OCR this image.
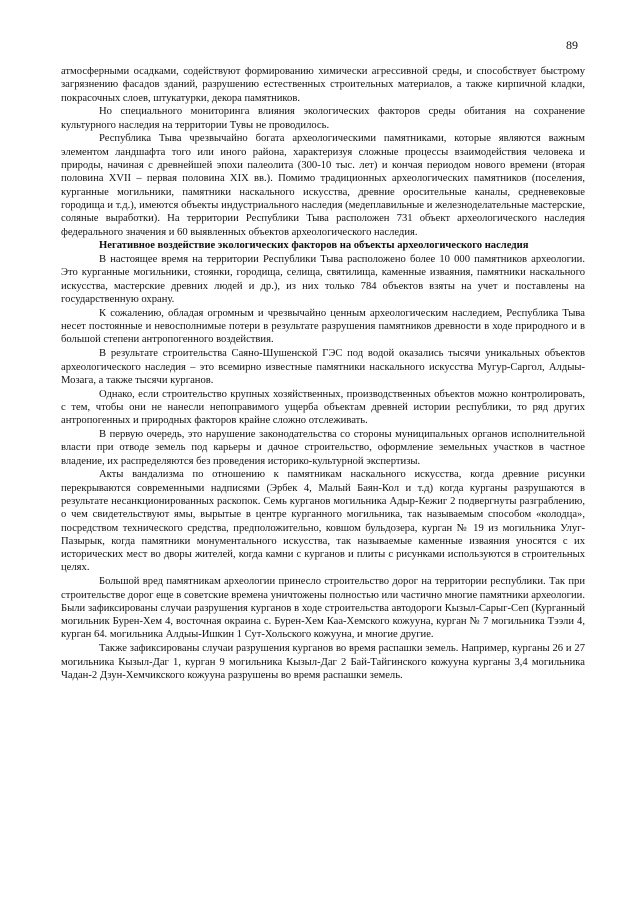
89

атмосферными осадками, содействуют формированию химически агрессивной среды, и способствует быстрому загрязнению фасадов зданий, разрушению естественных строительных материалов, а также кирпичной кладки, покрасочных слоев, штукатурки, декора памятников.

Но специального мониторинга влияния экологических факторов среды обитания на сохранение культурного наследия на территории Тувы не проводилось.

Республика Тыва чрезвычайно богата археологическими памятниками, которые являются важным элементом ландшафта того или иного района, характеризуя сложные процессы взаимодействия человека и природы, начиная с древнейшей эпохи палеолита (300-10 тыс. лет) и кончая периодом нового времени (вторая половина XVII – первая половина XIX вв.). Помимо традиционных археологических памятников (поселения, курганные могильники, памятники наскального искусства, древние оросительные каналы, средневековые городища и т.д.), имеются объекты индустриального наследия (медеплавильные и железноделательные мастерские, соляные выработки). На территории Республики Тыва расположен 731 объект археологического наследия федерального значения и 60 выявленных объектов археологического наследия.

Негативное воздействие экологических факторов на объекты археологического наследия

В настоящее время на территории Республики Тыва расположено более 10 000 памятников археологии. Это курганные могильники, стоянки, городища, селища, святилища, каменные изваяния, памятники наскального искусства, мастерские древних людей и др.), из них только 784 объектов взяты на учет и поставлены на государственную охрану.

К сожалению, обладая огромным и чрезвычайно ценным археологическим наследием, Республика Тыва несет постоянные и невосполнимые потери в результате разрушения памятников древности в ходе природного и в большой степени антропогенного воздействия.

В результате строительства Саяно-Шушенской ГЭС под водой оказались тысячи уникальных объектов археологического наследия – это всемирно известные памятники наскального искусства Мугур-Саргол, Алдыы-Мозага, а также тысячи курганов.

Однако, если строительство крупных хозяйственных, производственных объектов можно контролировать, с тем, чтобы они не нанесли непоправимого ущерба объектам древней истории республики, то ряд других антропогенных и природных факторов крайне сложно отслеживать.

В первую очередь, это нарушение законодательства со стороны муниципальных органов исполнительной власти при отводе земель под карьеры и дачное строительство, оформление земельных участков в частное владение, их распределяются без проведения историко-культурной экспертизы.

Акты вандализма по отношению к памятникам наскального искусства, когда древние рисунки перекрываются современными надписями (Эрбек 4, Малый Баян-Кол и т.д) когда курганы разрушаются в результате несанкционированных раскопок. Семь курганов могильника Адыр-Кежиг 2 подвергнуты разграблению, о чем свидетельствуют ямы, вырытые в центре курганного могильника, так называемым способом «колодца», посредством технического средства, предположительно, ковшом бульдозера, курган № 19 из могильника Улуг-Пазырык, когда памятники монументального искусства, так называемые каменные изваяния уносятся с их исторических мест во дворы жителей, когда камни с курганов и плиты с рисунками используются в строительных целях.

Большой вред памятникам археологии принесло строительство дорог на территории республики. Так при строительстве дорог еще в советские времена уничтожены полностью или частично многие памятники археологии. Были зафиксированы случаи разрушения курганов в ходе строительства автодороги Кызыл-Сарыг-Сеп (Курганный могильник Бурен-Хем 4, восточная окраина с. Бурен-Хем Каа-Хемского кожууна, курган № 7 могильника Тээли 4, курган 64. могильника Алдыы-Ишкин 1 Сут-Хольского кожууна, и многие другие.

Также зафиксированы случаи разрушения курганов во время распашки земель. Например, курганы 26 и 27 могильника Кызыл-Даг 1, курган 9 могильника Кызыл-Даг 2 Бай-Тайгинского кожууна курганы 3,4 могильника Чадан-2 Дзун-Хемчикского кожууна разрушены во время распашки земель.
